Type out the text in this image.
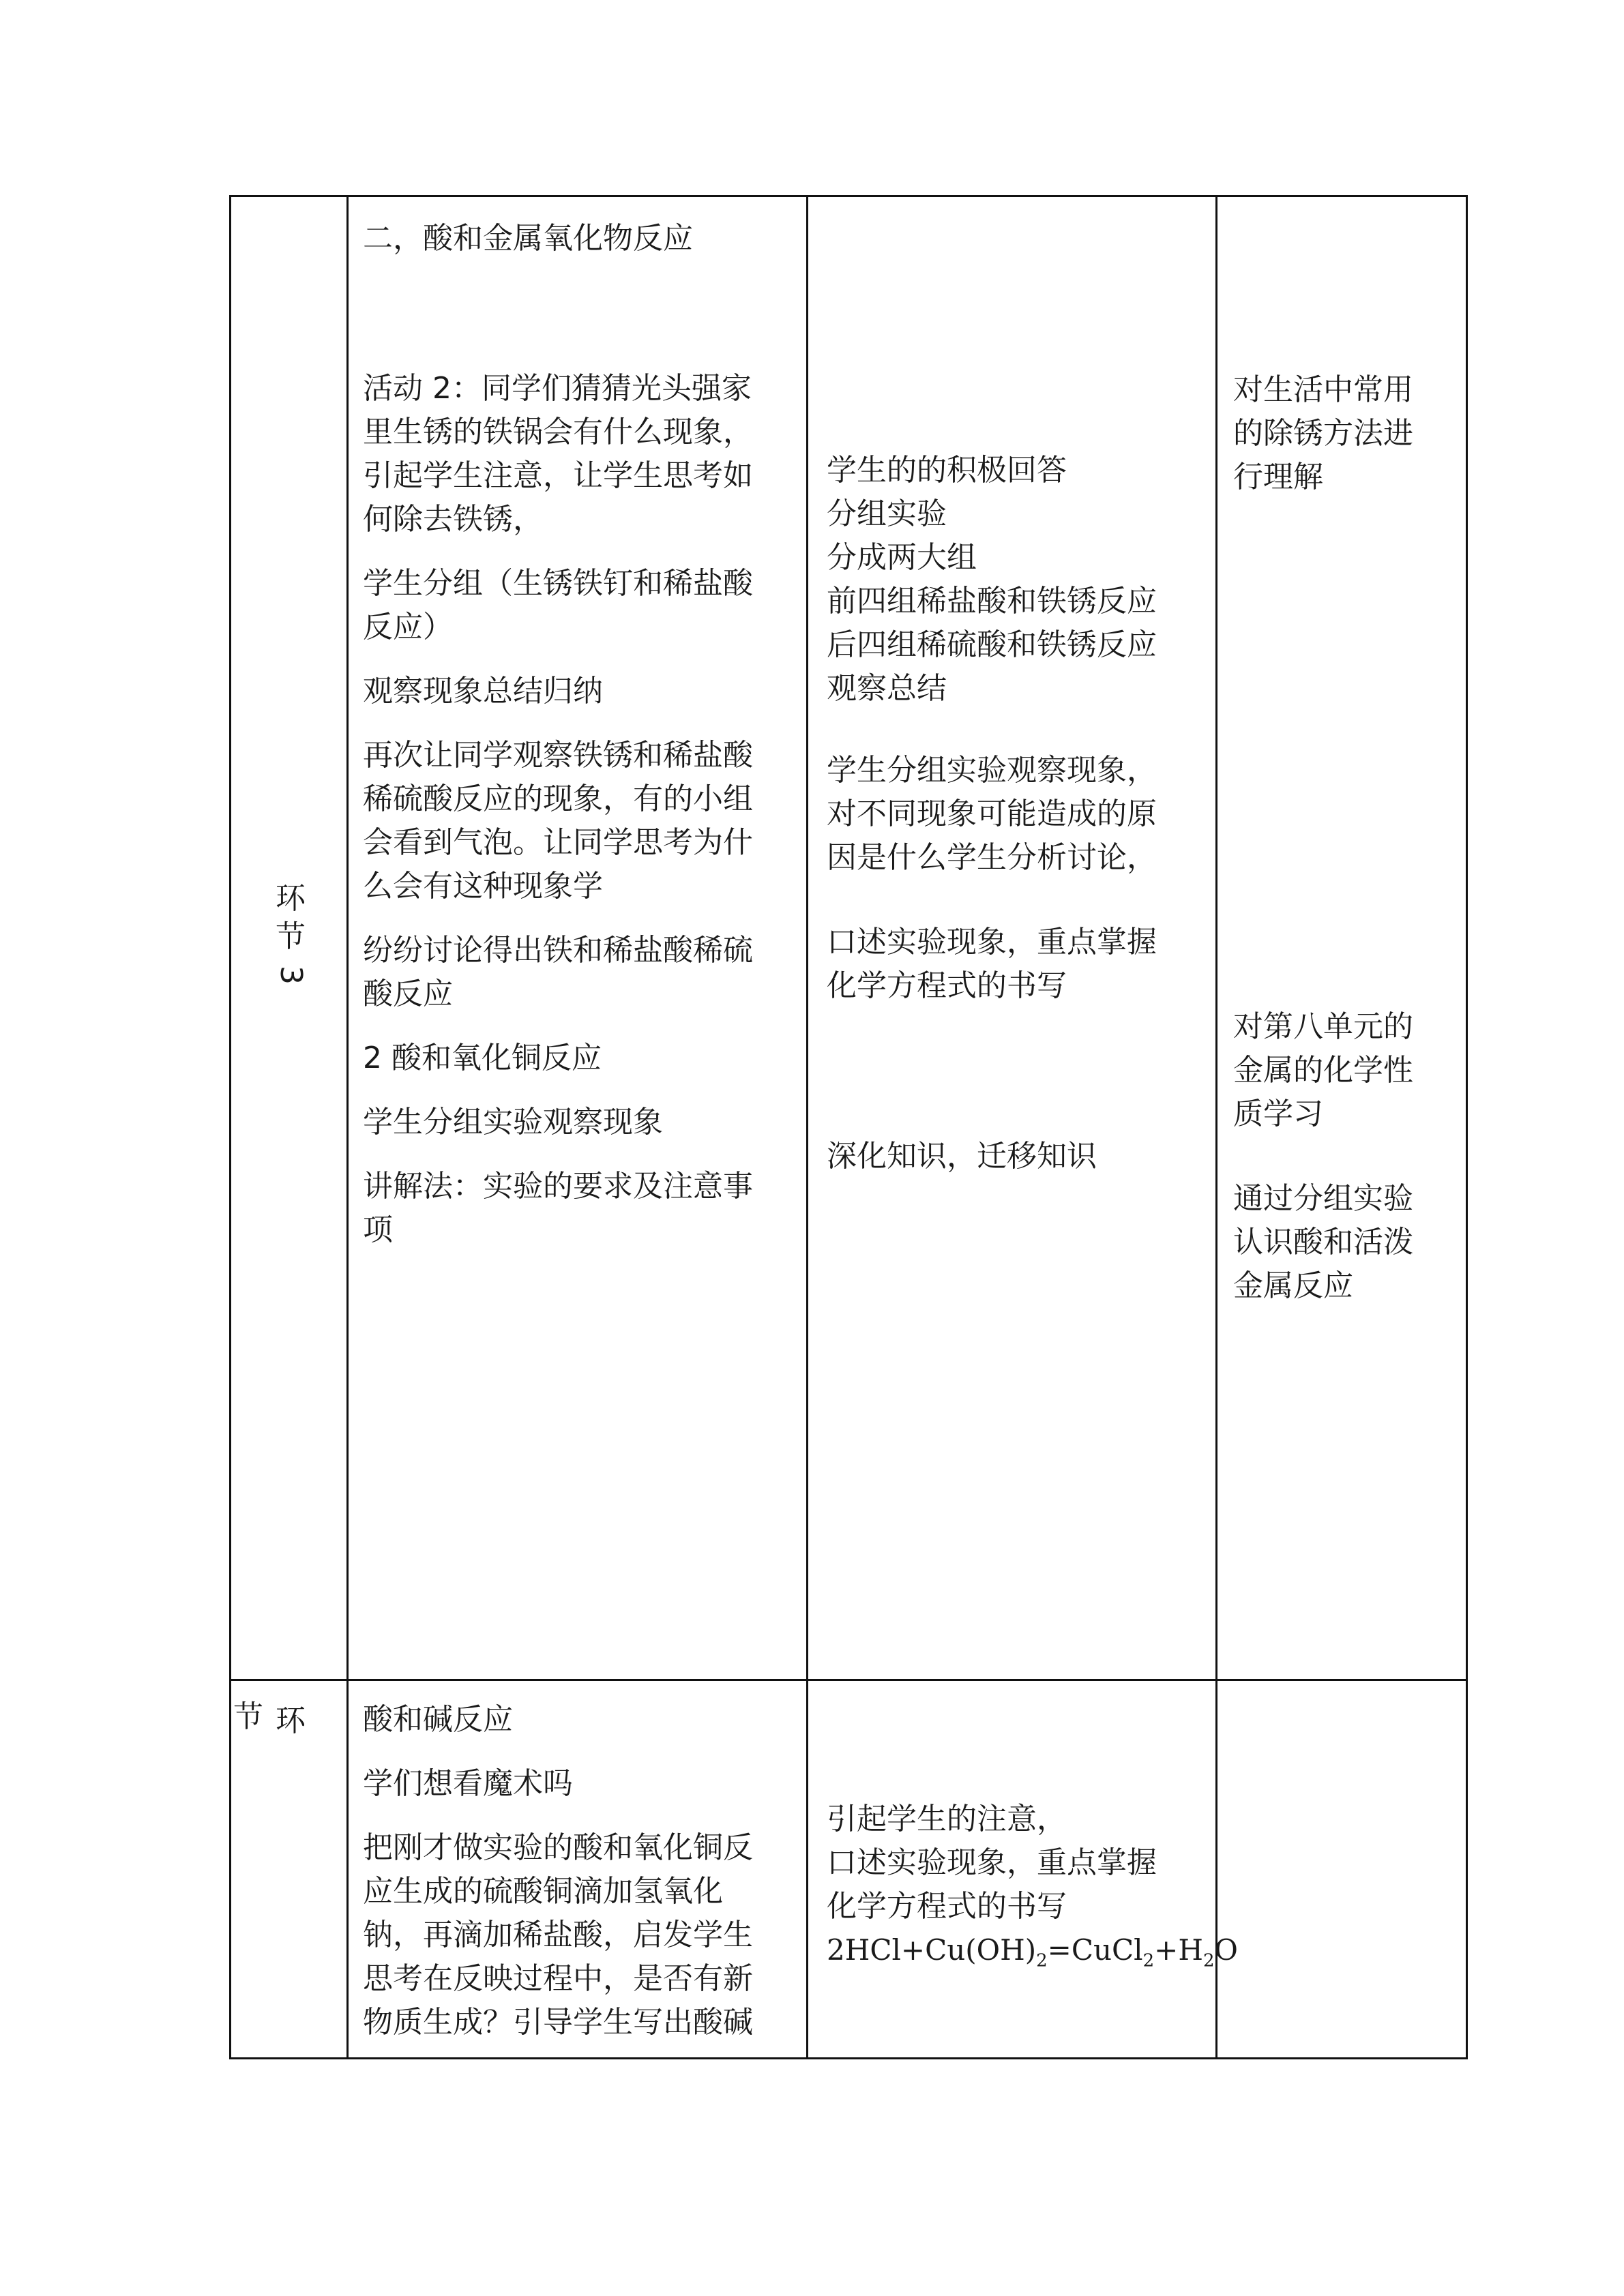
环
节
3
二，酸和金属氧化物反应

活动 2：同学们猜猜光头强家
里生锈的铁锅会有什么现象，
引起学生注意，让学生思考如
何除去铁锈，

学生分组（生锈铁钉和稀盐酸
反应）

观察现象总结归纳

再次让同学观察铁锈和稀盐酸
稀硫酸反应的现象，有的小组
会看到气泡。让同学思考为什
么会有这种现象学

纷纷讨论得出铁和稀盐酸稀硫
酸反应

2 酸和氧化铜反应

学生分组实验观察现象

讲解法：实验的要求及注意事
项

学生的的积极回答
分组实验
分成两大组
前四组稀盐酸和铁锈反应
后四组稀硫酸和铁锈反应
观察总结
学生分组实验观察现象，
对不同现象可能造成的原
因是什么学生分析讨论，
口述实验现象，重点掌握
化学方程式的书写
深化知识，迁移知识
对生活中常用
的除锈方法进
行理解
对第八单元的
金属的化学性
质学习
通过分组实验
认识酸和活泼
金属反应
节 环 酸和碱反应

学们想看魔术吗

把刚才做实验的酸和氧化铜反
应生成的硫酸铜滴加氢氧化
钠，再滴加稀盐酸，启发学生
思考在反映过程中，是否有新
物质生成？引导学生写出酸碱

引起学生的注意，
口述实验现象，重点掌握
化学方程式的书写
$2HCl+Cu(OH)_2=CuCl_2+H_2O$
